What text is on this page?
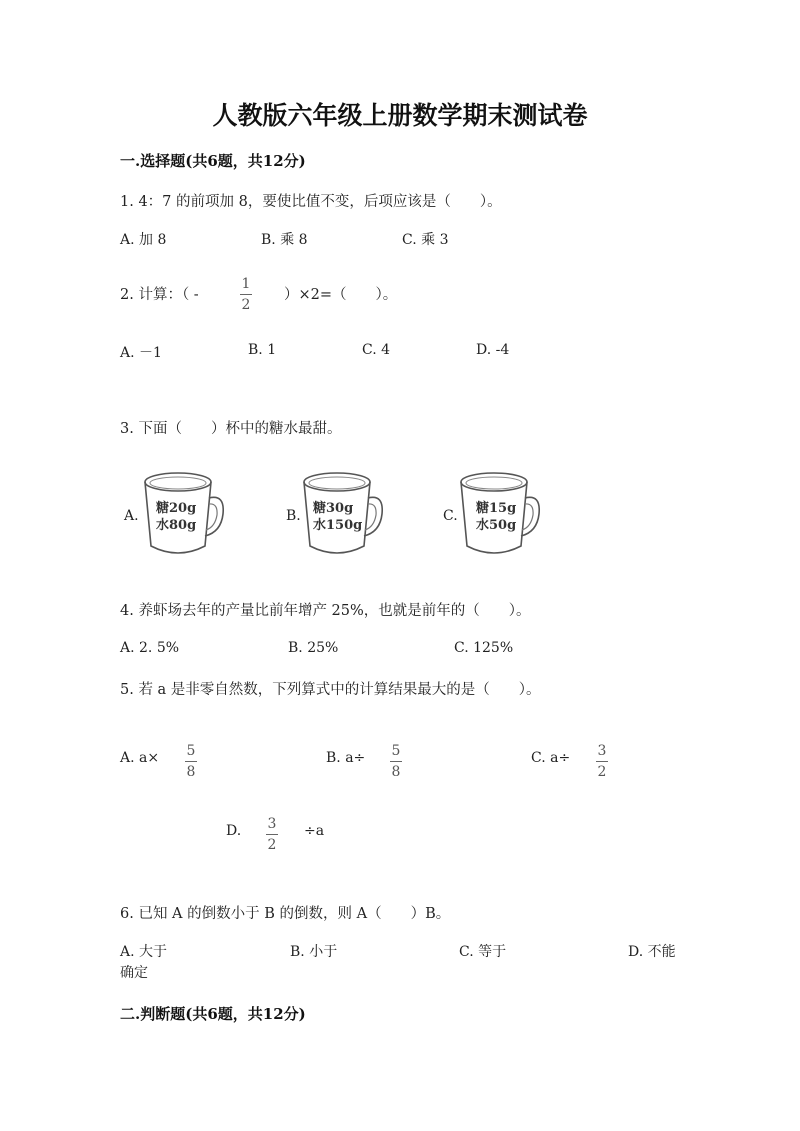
人教版六年级上册数学期末测试卷
一.选择题(共6题，共12分)
1. 4：7 的前项加 8，要使比值不变，后项应该是（　　）。
A. 加 8	B. 乘 8	C. 乘 3
2. 计算：（ -
1
2
）×2=（　　）。
A. －1	B. 1	C. 4	D. -4
3. 下面（　　）杯中的糖水最甜。
A. 糖20g
水80g
B. 糖30g
水150g
C. 糖15g
水50g
4. 养虾场去年的产量比前年增产 25%，也就是前年的（　　）。
A. 2. 5%	B. 25%	C. 125%
5. 若 a 是非零自然数，下列算式中的计算结果最大的是（　　）。
A. a× 5
8
B. a÷ 5
8
C. a÷ 3
2
D. 3
2
÷a
6. 已知 A 的倒数小于 B 的倒数，则 A（　　）B。
A. 大于	B. 小于	C. 等于	D. 不能
确定
二.判断题(共6题，共12分)
